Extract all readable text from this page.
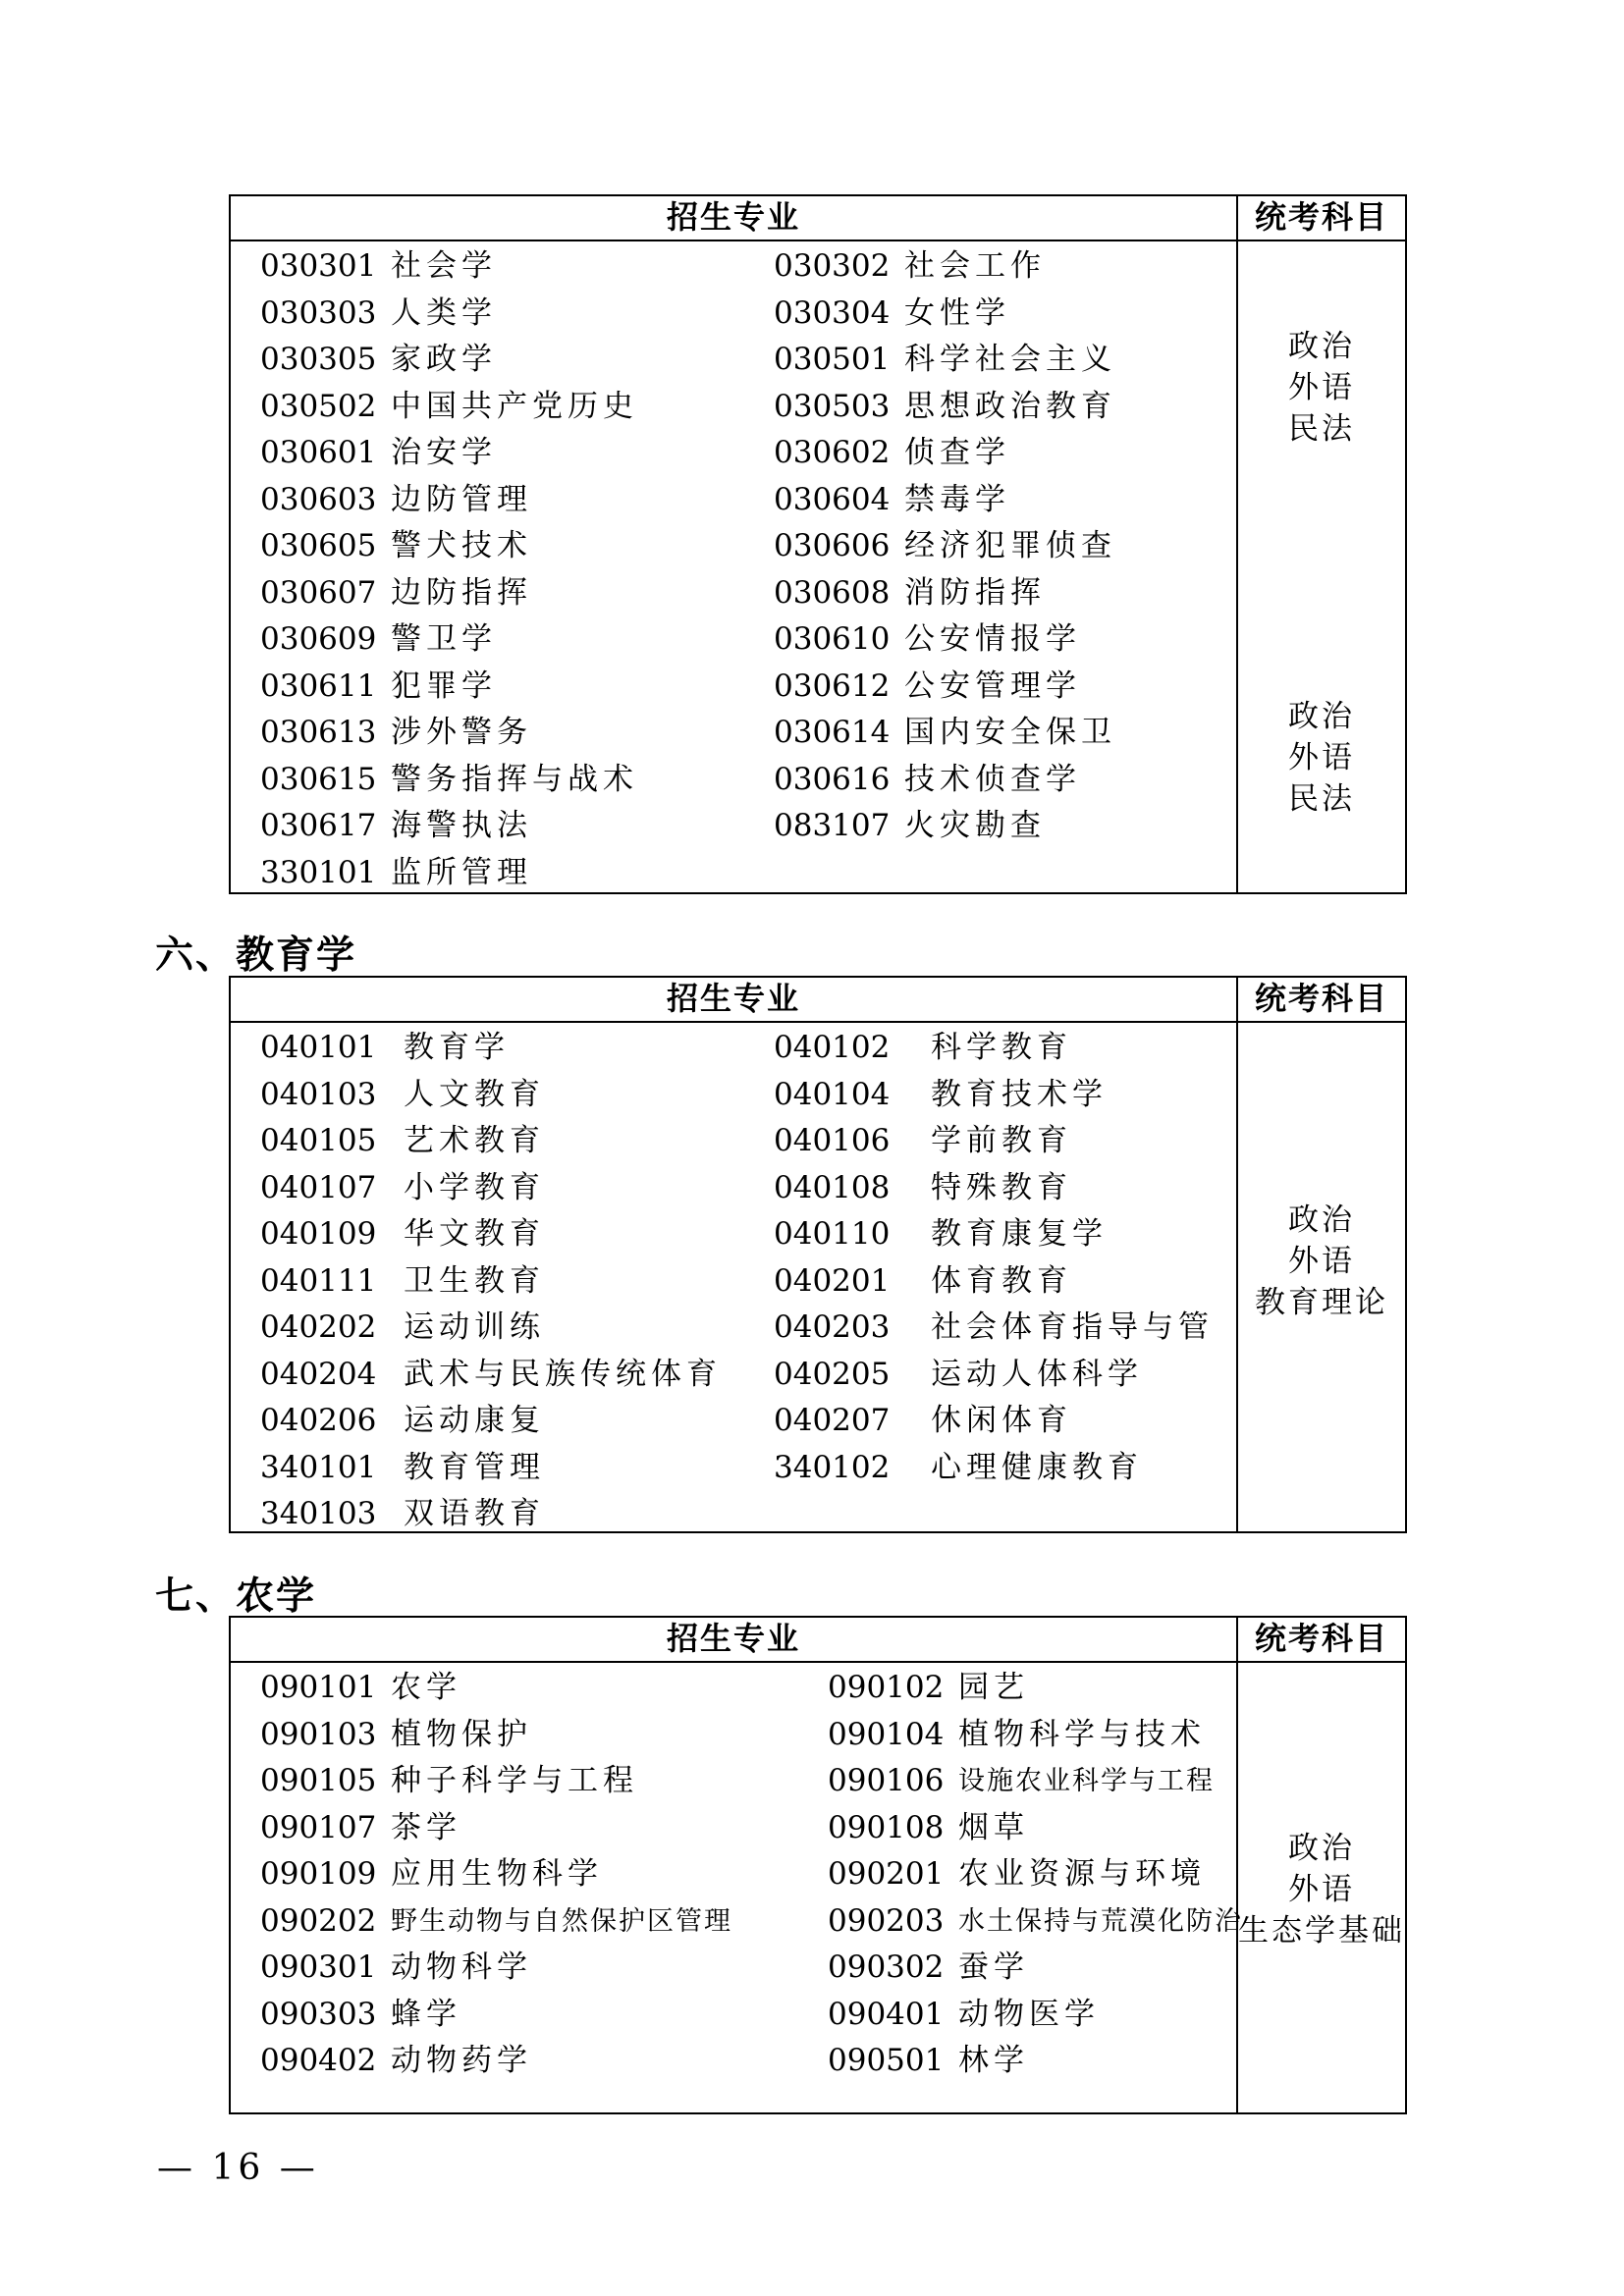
招生专业	统考科目
030301 社会学	030302 社会工作
030303 人类学	030304 女性学
030305 家政学	030501 科学社会主义
030502 中国共产党历史	030503 思想政治教育
030601 治安学	030602 侦查学
030603 边防管理	030604 禁毒学
030605 警犬技术	030606 经济犯罪侦查
030607 边防指挥	030608 消防指挥
030609 警卫学	030610 公安情报学
030611 犯罪学	030612 公安管理学
030613 涉外警务	030614 国内安全保卫
030615 警务指挥与战术	030616 技术侦查学
030617 海警执法	083107 火灾勘查
330101 监所管理
政治
外语
民法
政治
外语
民法
六、教育学
招生专业	统考科目
040101 教育学	040102 科学教育
040103 人文教育	040104 教育技术学
040105 艺术教育	040106 学前教育
040107 小学教育	040108 特殊教育
040109 华文教育	040110 教育康复学
040111 卫生教育	040201 体育教育
040202 运动训练	040203 社会体育指导与管
040204 武术与民族传统体育 040205 运动人体科学
040206 运动康复	040207 休闲体育
340101 教育管理	340102 心理健康教育
340103 双语教育
政治
外语
教育理论
七、农学
招生专业	统考科目
090101 农学	090102 园艺
090103 植物保护	090104 植物科学与技术
090105 种子科学与工程	090106 设施农业科学与工程
090107 茶学	090108 烟草
090109 应用生物科学	090201 农业资源与环境
090202 野生动物与自然保护区管理	090203 水土保持与荒漠化防治
090301 动物科学	090302 蚕学
090303 蜂学	090401 动物医学
090402 动物药学	090501 林学
政治
外语
生态学基础
— 16 —
